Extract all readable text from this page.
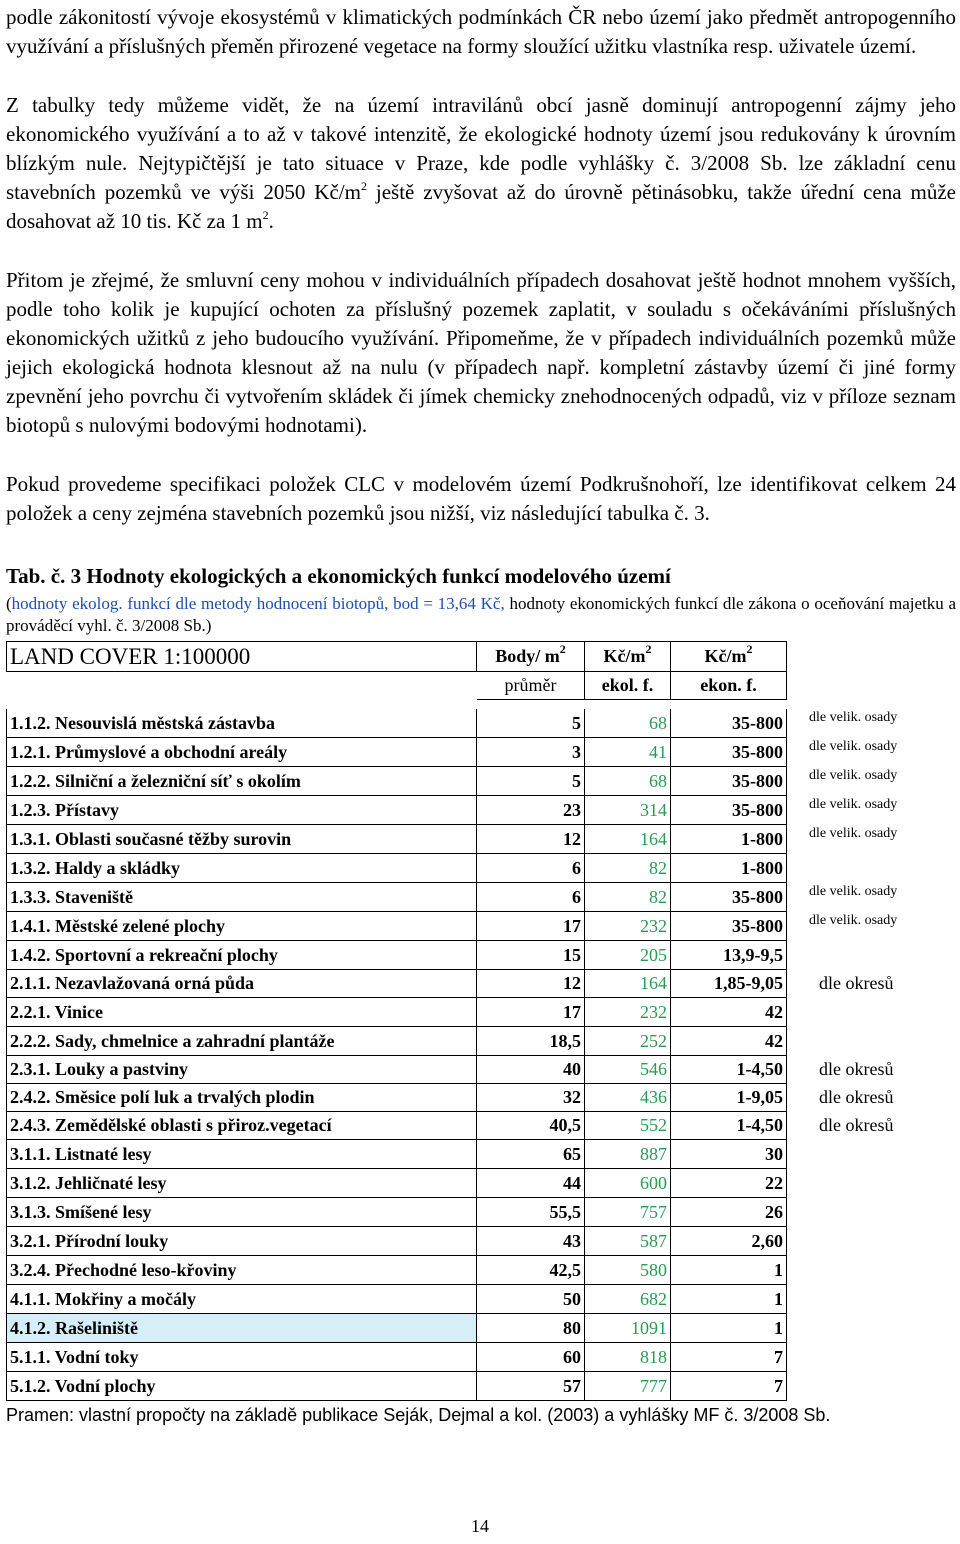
podle zákonitostí vývoje ekosystémů v klimatických podmínkách ČR nebo území jako předmět antropogenního využívání a příslušných přeměn přirozené vegetace na formy sloužící užitku vlastníka resp. uživatele území.

Z tabulky tedy můžeme vidět, že na území intravilánů obcí jasně dominují antropogenní zájmy jeho ekonomického využívání a to až v takové intenzitě, že ekologické hodnoty území jsou redukovány k úrovním blízkým nule. Nejtypičtější je tato situace v Praze, kde podle vyhlášky č. 3/2008 Sb. lze základní cenu stavebních pozemků ve výši 2050 $Kč/m^2$ ještě zvyšovat až do úrovně pětinásobku, takže úřední cena může dosahovat až 10 tis. Kč za 1 $m^2$.

Přitom je zřejmé, že smluvní ceny mohou v individuálních případech dosahovat ještě hodnot mnohem vyšších, podle toho kolik je kupující ochoten za příslušný pozemek zaplatit, v souladu s očekáváními příslušných ekonomických užitků z jeho budoucího využívání. Připomeňme, že v případech individuálních pozemků může jejich ekologická hodnota klesnout až na nulu (v případech např. kompletní zástavby území či jiné formy zpevnění jeho povrchu či vytvořením skládek či jímek chemicky znehodnocených odpadů, viz v příloze seznam biotopů s nulovými bodovými hodnotami).

Pokud provedeme specifikaci položek CLC v modelovém území Podkrušnohoří, lze identifikovat celkem 24 položek a ceny zejména stavebních pozemků jsou nižší, viz následující tabulka č. 3.

Tab. č. 3 Hodnoty ekologických a ekonomických funkcí modelového území
(hodnoty ekolog. funkcí dle metody hodnocení biotopů, bod = 13,64 Kč, hodnoty ekonomických funkcí dle zákona o oceňování majetku a prováděcí vyhl. č. 3/2008 Sb.)
LAND COVER 1:100000	Body/ $m^2$	$Kč/m^2$	$Kč/m^2$	
	průměr	ekol. f.	ekon. f.	

1.1.2. Nesouvislá městská zástavba	5	68	35-800	dle velik. osady
1.2.1. Průmyslové a obchodní areály	3	41	35-800	dle velik. osady
1.2.2. Silniční a železniční síť s okolím	5	68	35-800	dle velik. osady
1.2.3. Přístavy	23	314	35-800	dle velik. osady
1.3.1. Oblasti současné těžby surovin	12	164	1-800	dle velik. osady
1.3.2. Haldy a skládky	6	82	1-800	
1.3.3. Staveniště	6	82	35-800	dle velik. osady
1.4.1. Městské zelené plochy	17	232	35-800	dle velik. osady
1.4.2. Sportovní a rekreační plochy	15	205	13,9-9,5	
2.1.1. Nezavlažovaná orná půda	12	164	1,85-9,05	dle okresů
2.2.1. Vinice	17	232	42	
2.2.2. Sady, chmelnice a zahradní plantáže	18,5	252	42	
2.3.1. Louky a pastviny	40	546	1-4,50	dle okresů
2.4.2. Směsice polí luk a trvalých plodin	32	436	1-9,05	dle okresů
2.4.3. Zemědělské oblasti s přiroz.vegetací	40,5	552	1-4,50	dle okresů
3.1.1. Listnaté lesy	65	887	30	
3.1.2. Jehličnaté lesy	44	600	22	
3.1.3. Smíšené lesy	55,5	757	26	
3.2.1. Přírodní louky	43	587	2,60	
3.2.4. Přechodné leso-křoviny	42,5	580	1	
4.1.1. Mokřiny a močály	50	682	1	
4.1.2. Rašeliniště	80	1091	1	
5.1.1. Vodní toky	60	818	7	
5.1.2. Vodní plochy	57	777	7	
Pramen: vlastní propočty na základě publikace Seják, Dejmal a kol. (2003) a vyhlášky MF č. 3/2008 Sb.
14
